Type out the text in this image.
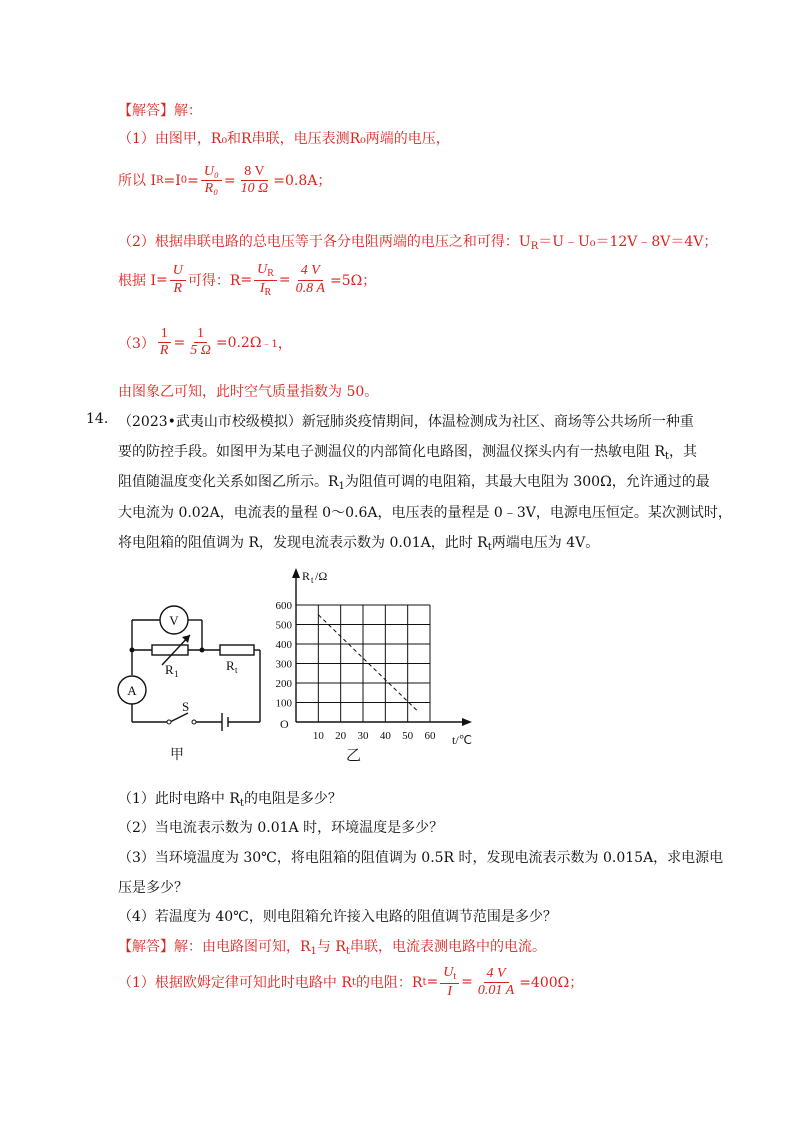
【解答】解：
（1）由图甲，R₀和R串联，电压表测R₀两端的电压，
所以 I R =I $0 = \frac{\text{U₀}}{\text{R₀}} = \frac{8 V}{10 \Omega} =0.8A$；
（2）根据串联电路的总电压等于各分电阻两端的电压之和可得：$U_R=U﹣U_0=12V﹣8V=4V$；
根据 $I = \frac{U}{R}$ 可得：$R = \frac{U_R}{I_R} = \frac{4 V}{0.8 A} =5\Omega$；
$(3) \frac{1}{R} = \frac{1}{5 \Omega} =0.2\Omega$ ﹣1 ，
由图象乙可知，此时空气质量指数为 50。
14. （2023•武夷山市校级模拟）新冠肺炎疫情期间，体温检测成为社区、商场等公共场所一种重
要的防控手段。如图甲为某电子测温仪的内部简化电路图，测温仪探头内有一热敏电阻 $R_t$，其
阻值随温度变化关系如图乙所示。$R_1$为阻值可调的电阻箱，其最大电阻为 300Ω，允许通过的最
大电流为 0.02A，电流表的量程 0～0.6A，电压表的量程是 0﹣3V，电源电压恒定。某次测试时，
将电阻箱的阻值调为 R，发现电流表示数为 0.01A，此时 $R_t$两端电压为 4V。
V
A
R 1
R t
S
甲
10 20 30 40 50 60
100
200
300
400
500
600
R t /Ω
O
t/℃
乙
（1）此时电路中 $R_t$的电阻是多少？
（2）当电流表示数为 0.01A 时，环境温度是多少？
（3）当环境温度为 30℃，将电阻箱的阻值调为 0.5R 时，发现电流表示数为 0.015A，求电源电
压是多少？
（4）若温度为 40℃，则电阻箱允许接入电路的阻值调节范围是多少？
【解答】解：由电路图可知，$R_1$与 $R_t$串联，电流表测电路中的电流。
（1）根据欧姆定律可知此时电路中 R t 的电阻：R $t = \frac{U_t}{I} = \frac{4 V}{0.01 A} =400\Omega$；
